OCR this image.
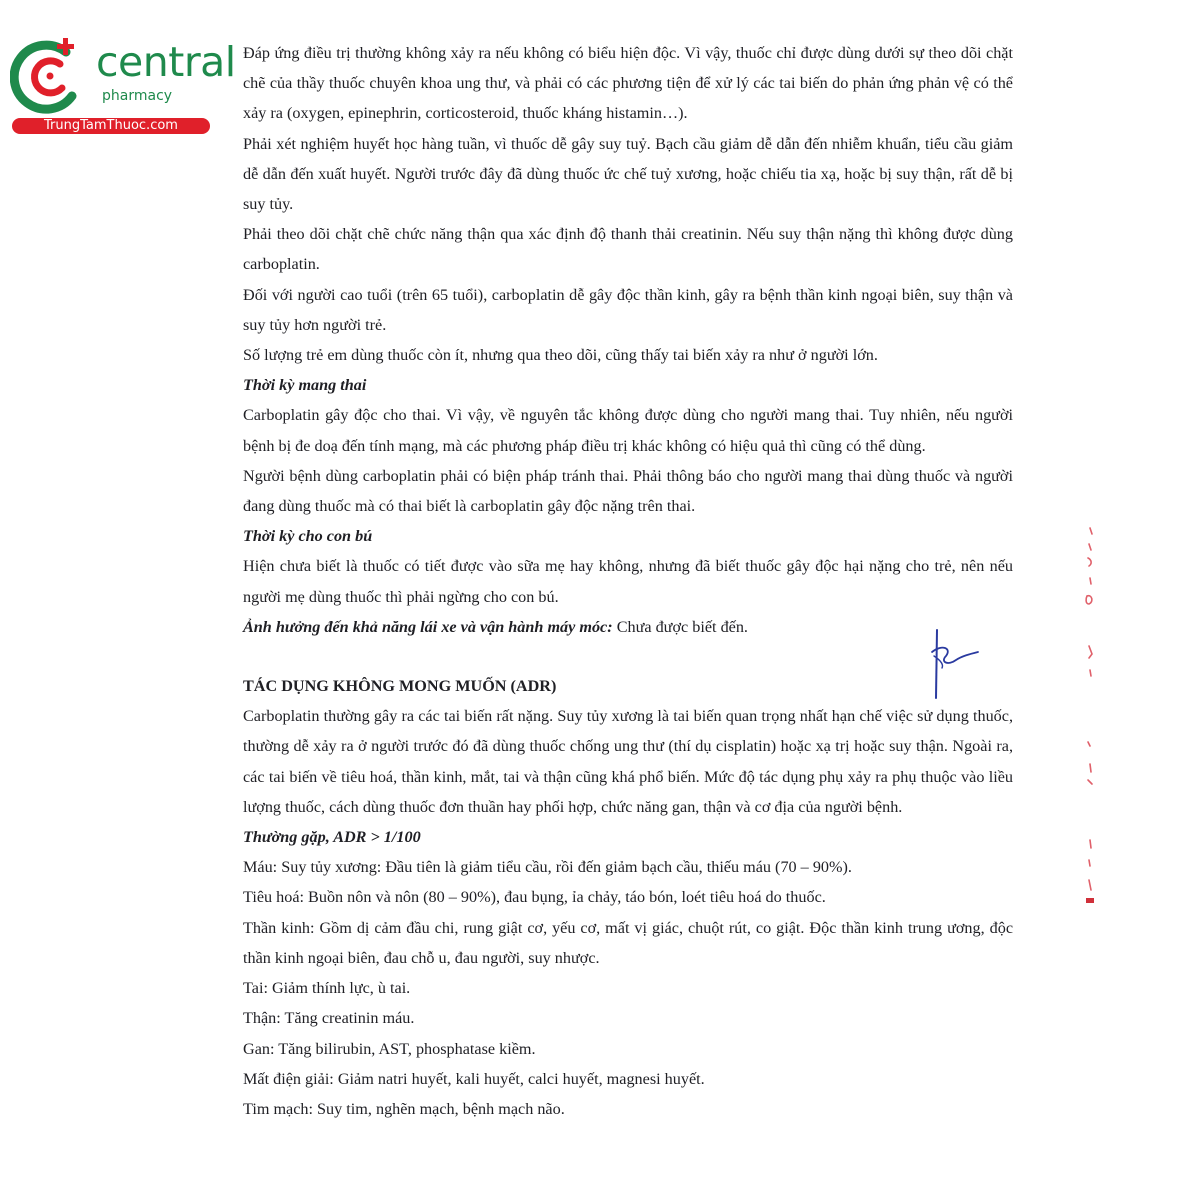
central
pharmacy
TrungTamThuoc.com

Đáp ứng điều trị thường không xảy ra nếu không có biểu hiện độc. Vì vậy, thuốc chỉ được dùng dưới sự theo dõi chặt chẽ của thầy thuốc chuyên khoa ung thư, và phải có các phương tiện để xử lý các tai biến do phản ứng phản vệ có thể xảy ra (oxygen, epinephrin, corticosteroid, thuốc kháng histamin…).

Phải xét nghiệm huyết học hàng tuần, vì thuốc dễ gây suy tuỷ. Bạch cầu giảm dễ dẫn đến nhiễm khuẩn, tiểu cầu giảm dễ dẫn đến xuất huyết. Người trước đây đã dùng thuốc ức chế tuỷ xương, hoặc chiếu tia xạ, hoặc bị suy thận, rất dễ bị suy tủy.

Phải theo dõi chặt chẽ chức năng thận qua xác định độ thanh thải creatinin. Nếu suy thận nặng thì không được dùng carboplatin.

Đối với người cao tuổi (trên 65 tuổi), carboplatin dễ gây độc thần kinh, gây ra bệnh thần kinh ngoại biên, suy thận và suy tủy hơn người trẻ.

Số lượng trẻ em dùng thuốc còn ít, nhưng qua theo dõi, cũng thấy tai biến xảy ra như ở người lớn.

Thời kỳ mang thai

Carboplatin gây độc cho thai. Vì vậy, về nguyên tắc không được dùng cho người mang thai. Tuy nhiên, nếu người bệnh bị đe doạ đến tính mạng, mà các phương pháp điều trị khác không có hiệu quả thì cũng có thể dùng.

Người bệnh dùng carboplatin phải có biện pháp tránh thai. Phải thông báo cho người mang thai dùng thuốc và người đang dùng thuốc mà có thai biết là carboplatin gây độc nặng trên thai.

Thời kỳ cho con bú

Hiện chưa biết là thuốc có tiết được vào sữa mẹ hay không, nhưng đã biết thuốc gây độc hại nặng cho trẻ, nên nếu người mẹ dùng thuốc thì phải ngừng cho con bú.

Ảnh hưởng đến khả năng lái xe và vận hành máy móc: Chưa được biết đến.

TÁC DỤNG KHÔNG MONG MUỐN (ADR)

Carboplatin thường gây ra các tai biến rất nặng. Suy tủy xương là tai biến quan trọng nhất hạn chế việc sử dụng thuốc, thường dễ xảy ra ở người trước đó đã dùng thuốc chống ung thư (thí dụ cisplatin) hoặc xạ trị hoặc suy thận. Ngoài ra, các tai biến về tiêu hoá, thần kinh, mắt, tai và thận cũng khá phổ biến. Mức độ tác dụng phụ xảy ra phụ thuộc vào liều lượng thuốc, cách dùng thuốc đơn thuần hay phối hợp, chức năng gan, thận và cơ địa của người bệnh.

Thường gặp, ADR > 1/100

Máu: Suy tủy xương: Đầu tiên là giảm tiểu cầu, rồi đến giảm bạch cầu, thiếu máu (70 – 90%).

Tiêu hoá: Buồn nôn và nôn (80 – 90%), đau bụng, ỉa chảy, táo bón, loét tiêu hoá do thuốc.

Thần kinh: Gồm dị cảm đầu chi, rung giật cơ, yếu cơ, mất vị giác, chuột rút, co giật. Độc thần kinh trung ương, độc thần kinh ngoại biên, đau chỗ u, đau người, suy nhược.

Tai: Giảm thính lực, ù tai.

Thận: Tăng creatinin máu.

Gan: Tăng bilirubin, AST, phosphatase kiềm.

Mất điện giải: Giảm natri huyết, kali huyết, calci huyết, magnesi huyết.

Tim mạch: Suy tim, nghẽn mạch, bệnh mạch não.
